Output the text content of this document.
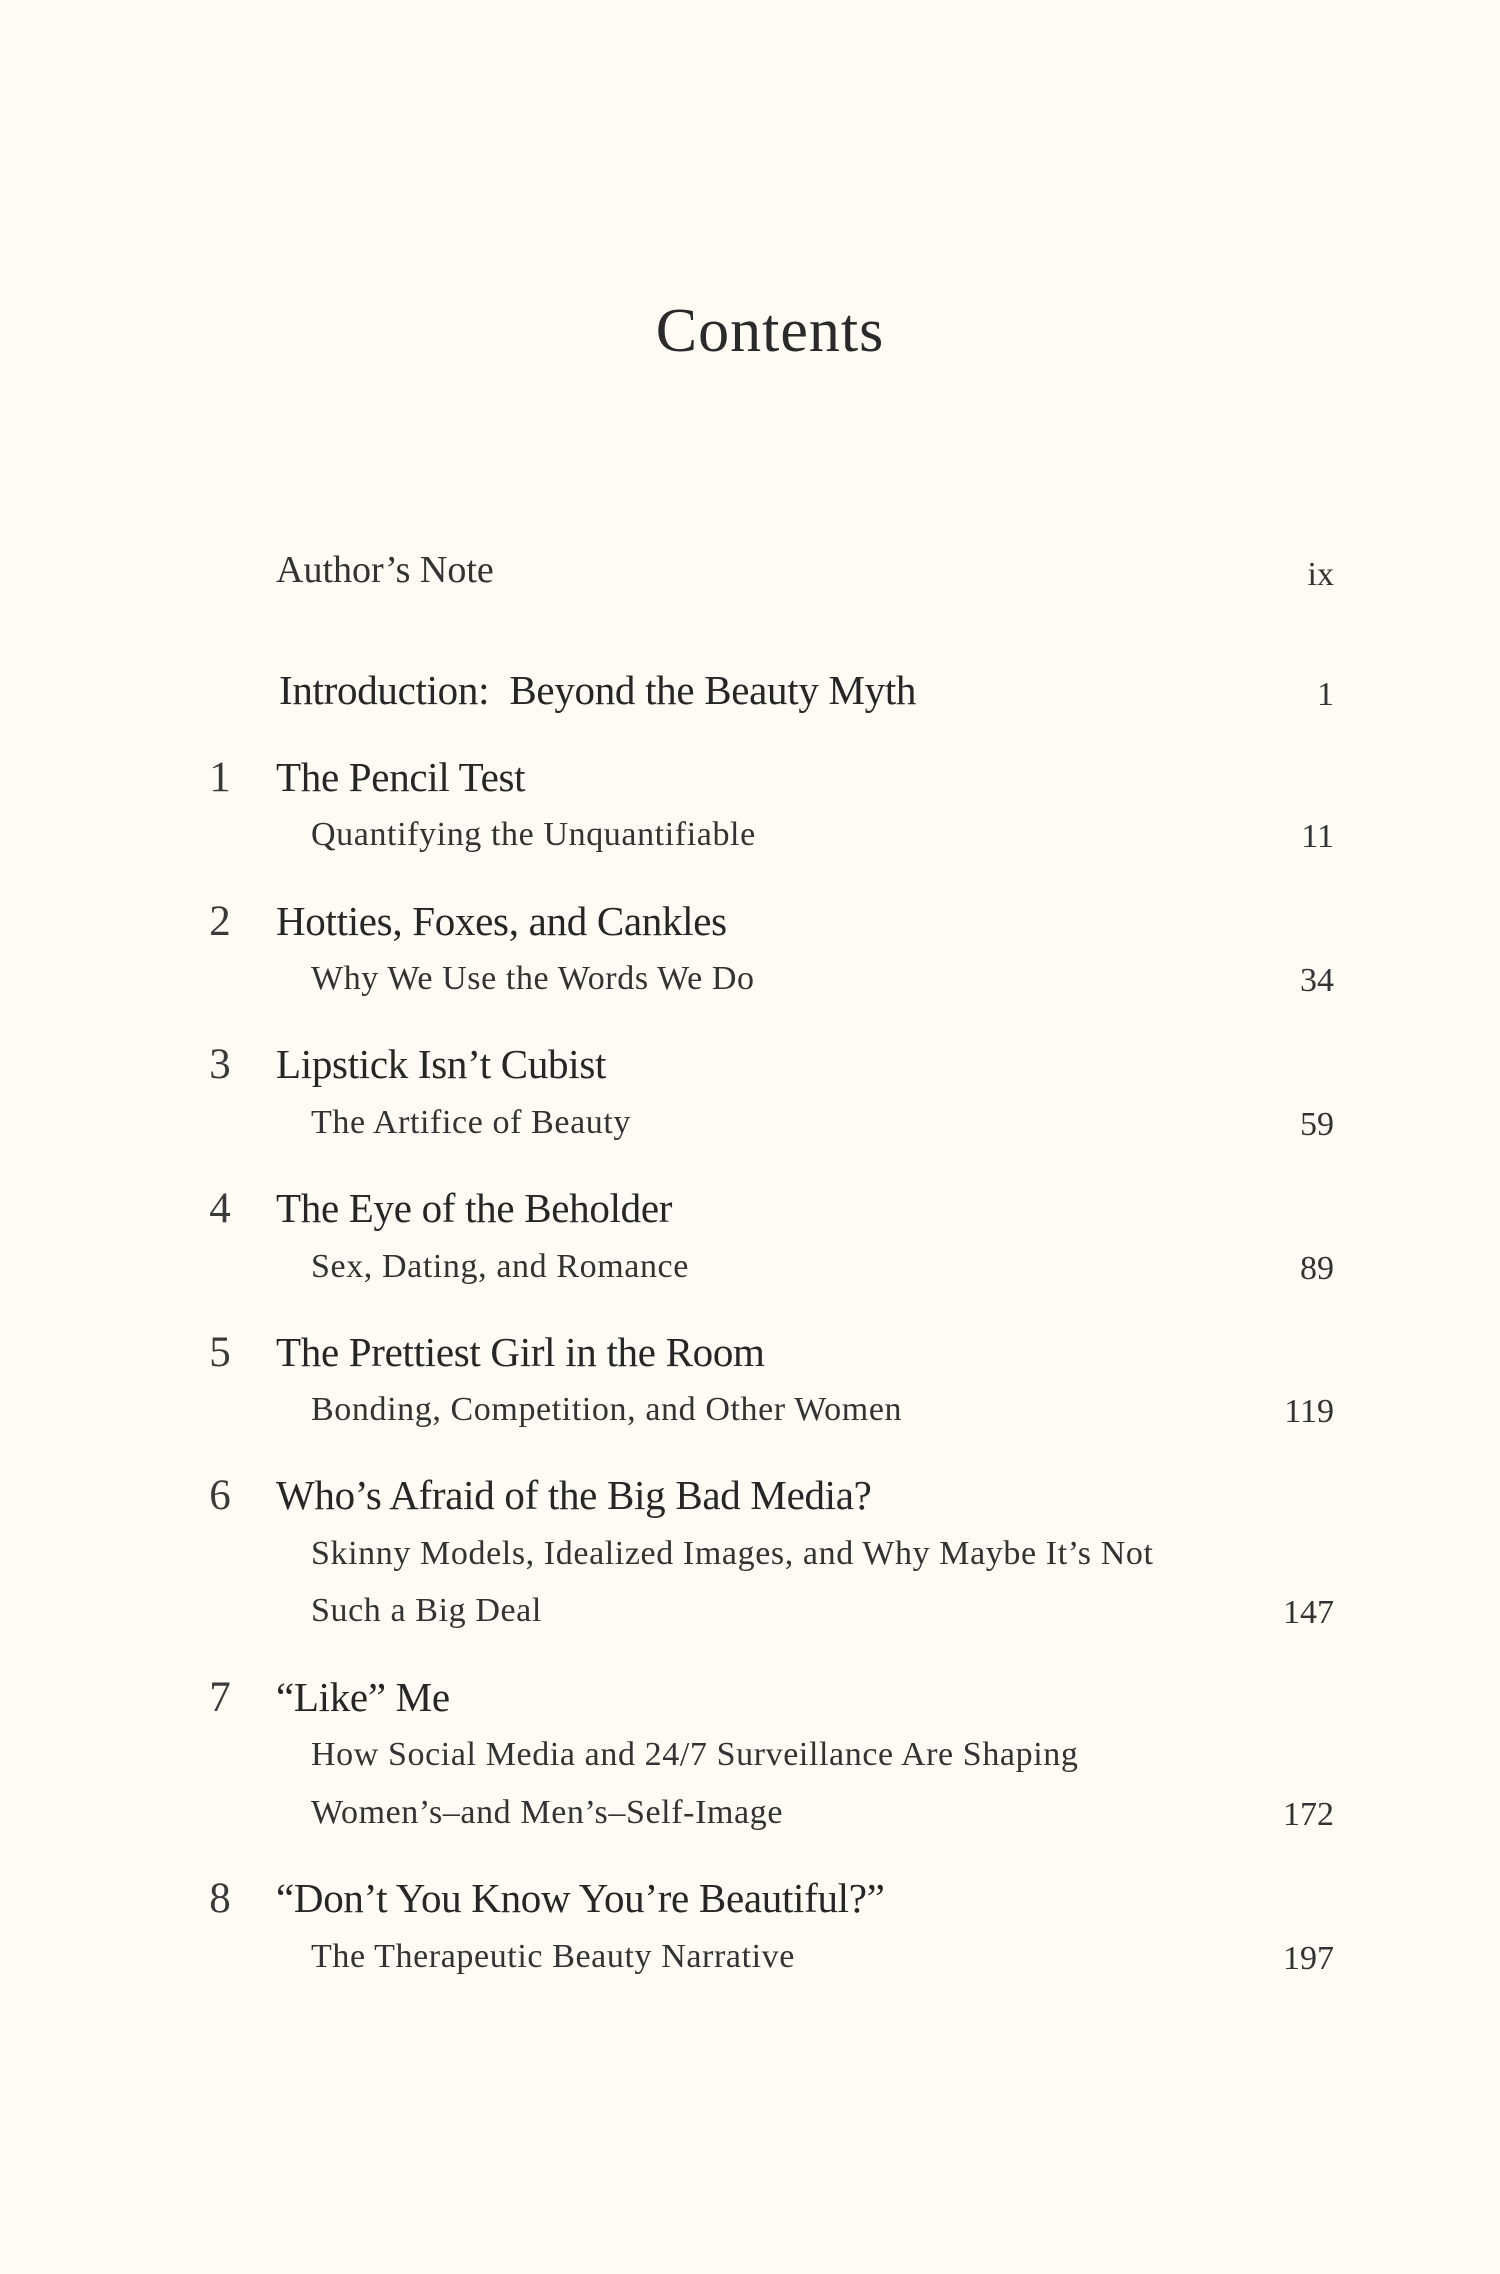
Contents
Author’s Note	ix
Introduction: Beyond the Beauty Myth	1
1 The Pencil Test
Quantifying the Unquantifiable	11
2 Hotties, Foxes, and Cankles
Why We Use the Words We Do	34
3 Lipstick Isn’t Cubist
The Artifice of Beauty	59
4 The Eye of the Beholder
Sex, Dating, and Romance	89
5 The Prettiest Girl in the Room
Bonding, Competition, and Other Women	119
6 Who’s Afraid of the Big Bad Media?
Skinny Models, Idealized Images, and Why Maybe It’s Not
Such a Big Deal	147
7 “Like” Me
How Social Media and 24/7 Surveillance Are Shaping
Women’s–and Men’s–Self-Image	172
8 “Don’t You Know You’re Beautiful?”
The Therapeutic Beauty Narrative	197
